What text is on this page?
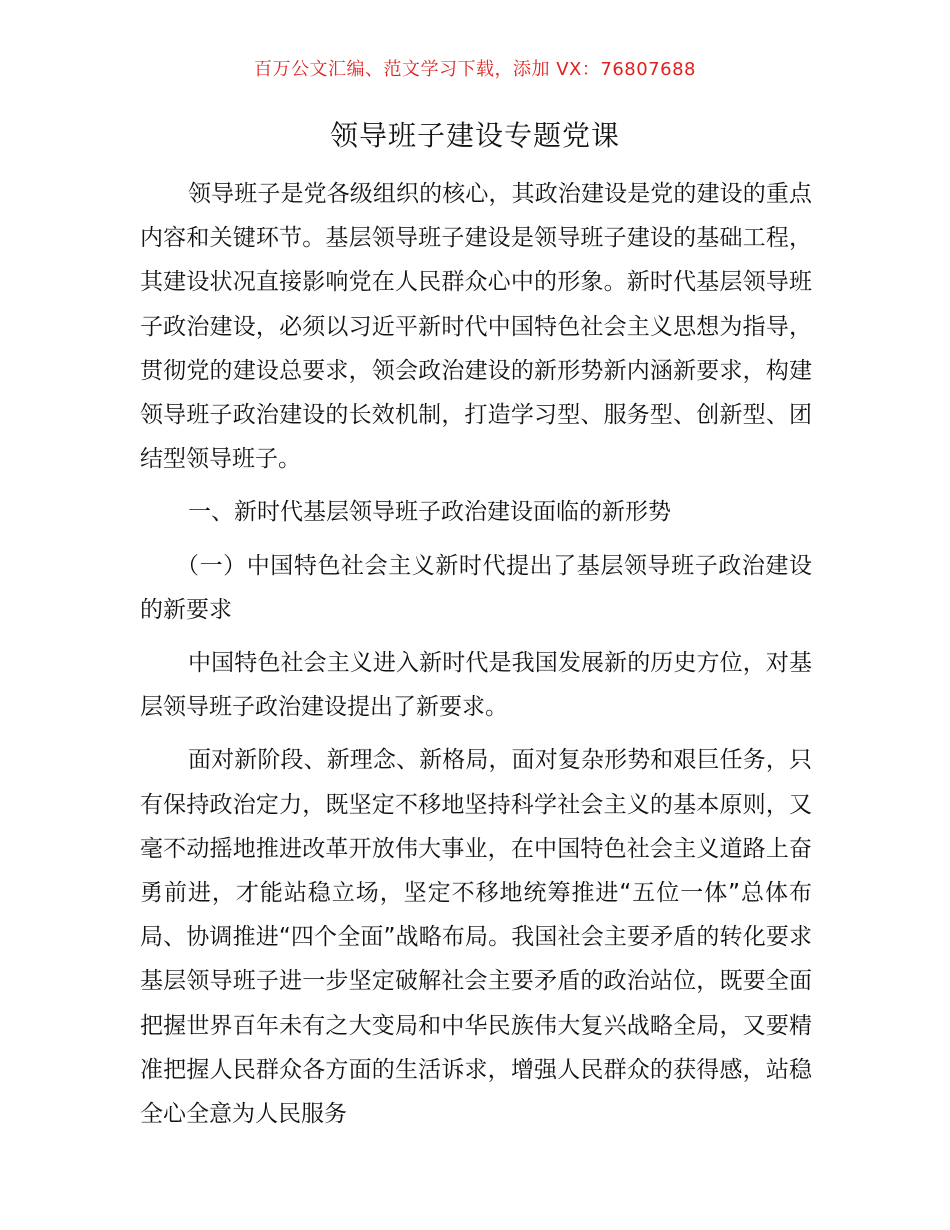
百万公文汇编、范文学习下载，添加 VX：76807688
领导班子建设专题党课

领导班子是党各级组织的核心，其政治建设是党的建设的重点内容和关键环节。基层领导班子建设是领导班子建设的基础工程，其建设状况直接影响党在人民群众心中的形象。新时代基层领导班子政治建设，必须以习近平新时代中国特色社会主义思想为指导，贯彻党的建设总要求，领会政治建设的新形势新内涵新要求，构建领导班子政治建设的长效机制，打造学习型、服务型、创新型、团结型领导班子。

一、新时代基层领导班子政治建设面临的新形势

（一）中国特色社会主义新时代提出了基层领导班子政治建设的新要求

中国特色社会主义进入新时代是我国发展新的历史方位，对基层领导班子政治建设提出了新要求。

面对新阶段、新理念、新格局，面对复杂形势和艰巨任务，只有保持政治定力，既坚定不移地坚持科学社会主义的基本原则，又毫不动摇地推进改革开放伟大事业，在中国特色社会主义道路上奋勇前进，才能站稳立场，坚定不移地统筹推进“五位一体”总体布局、协调推进“四个全面”战略布局。我国社会主要矛盾的转化要求基层领导班子进一步坚定破解社会主要矛盾的政治站位，既要全面把握世界百年未有之大变局和中华民族伟大复兴战略全局，又要精准把握人民群众各方面的生活诉求，增强人民群众的获得感，站稳全心全意为人民服务
